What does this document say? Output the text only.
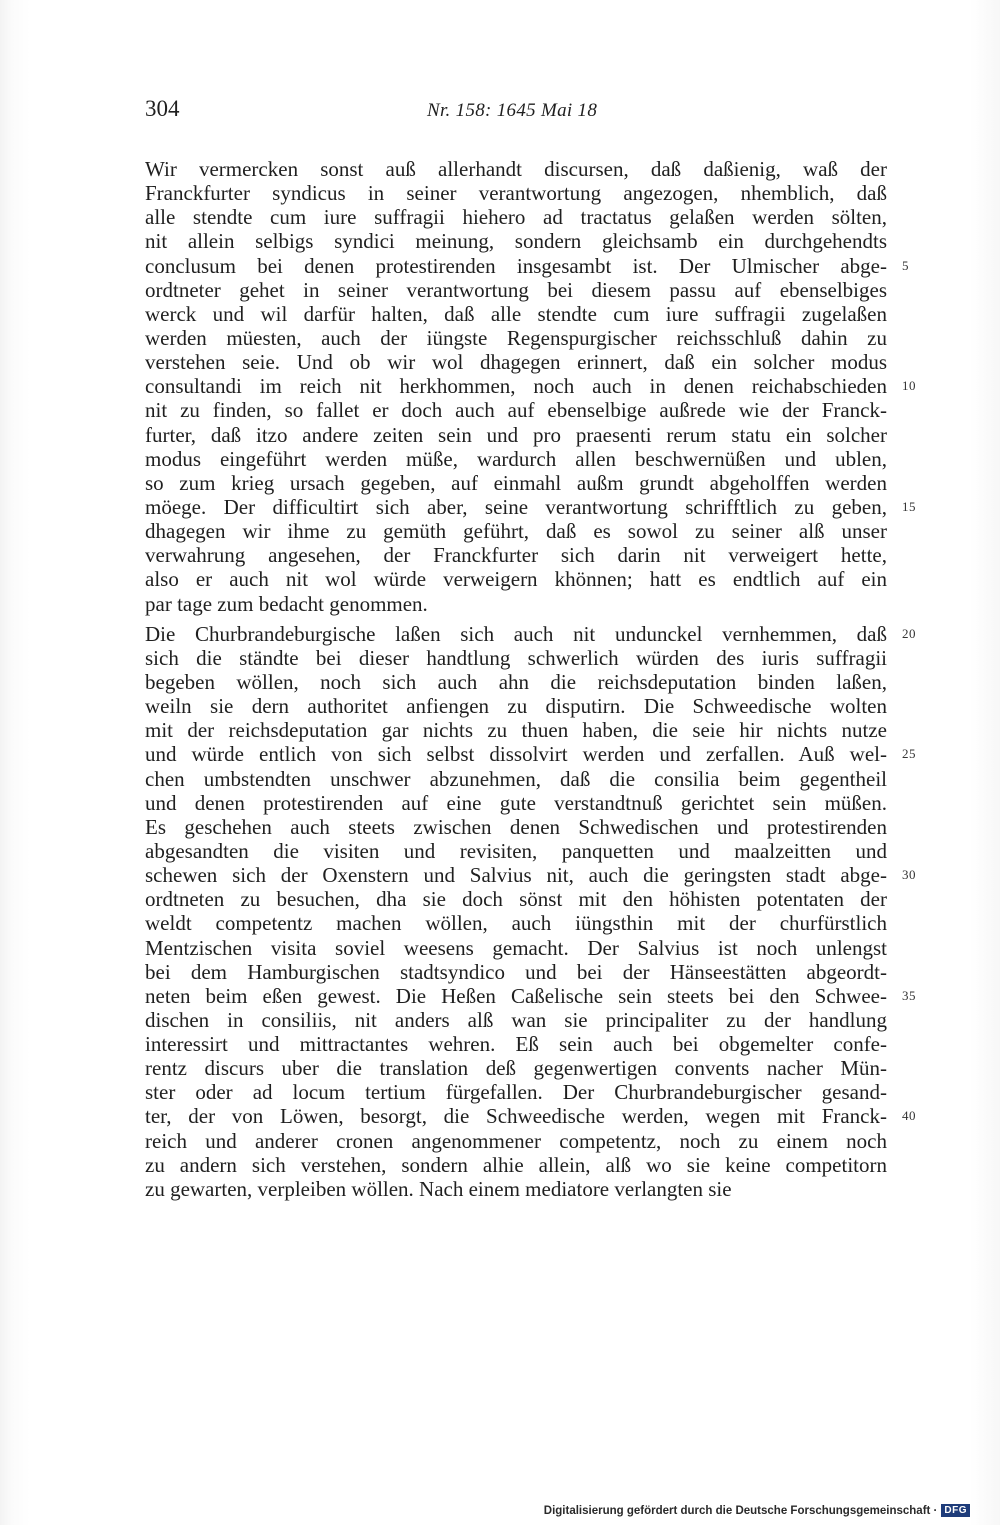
304	Nr. 158: 1645 Mai 18
Wir vermercken sonst auß allerhandt discursen, daß daßienig, waß der
Franckfurter syndicus in seiner verantwortung angezogen, nhemblich, daß
alle stendte cum iure suffragii hiehero ad tractatus gelaßen werden sölten,
nit allein selbigs syndici meinung, sondern gleichsamb ein durchgehendts
conclusum bei denen protestirenden insgesambt ist. Der Ulmischer abge- 5
ordtneter gehet in seiner verantwortung bei diesem passu auf ebenselbiges
werck und wil darfür halten, daß alle stendte cum iure suffragii zugelaßen
werden müesten, auch der iüngste Regenspurgischer reichsschluß dahin zu
verstehen seie. Und ob wir wol dhagegen erinnert, daß ein solcher modus
consultandi im reich nit herkhommen, noch auch in denen reichabschieden 10
nit zu finden, so fallet er doch auch auf ebenselbige außrede wie der Franck-
furter, daß itzo andere zeiten sein und pro praesenti rerum statu ein solcher
modus eingeführt werden müße, wardurch allen beschwernüßen und ublen,
so zum krieg ursach gegeben, auf einmahl außm grundt abgeholffen werden
möege. Der difficultirt sich aber, seine verantwortung schrifftlich zu geben, 15
dhagegen wir ihme zu gemüth geführt, daß es sowol zu seiner alß unser
verwahrung angesehen, der Franckfurter sich darin nit verweigert hette,
also er auch nit wol würde verweigern khönnen; hatt es endtlich auf ein
par tage zum bedacht genommen.
Die Churbrandeburgische laßen sich auch nit undunckel vernhemmen, daß 20
sich die ständte bei dieser handtlung schwerlich würden des iuris suffragii
begeben wöllen, noch sich auch ahn die reichsdeputation binden laßen,
weiln sie dern authoritet anfiengen zu disputirn. Die Schweedische wolten
mit der reichsdeputation gar nichts zu thuen haben, die seie hir nichts nutze
und würde entlich von sich selbst dissolvirt werden und zerfallen. Auß wel- 25
chen umbstendten unschwer abzunehmen, daß die consilia beim gegentheil
und denen protestirenden auf eine gute verstandtnuß gerichtet sein müßen.
Es geschehen auch steets zwischen denen Schwedischen und protestirenden
abgesandten die visiten und revisiten, panquetten und maalzeitten und
schewen sich der Oxenstern und Salvius nit, auch die geringsten stadt abge- 30
ordtneten zu besuchen, dha sie doch sönst mit den höhisten potentaten der
weldt competentz machen wöllen, auch iüngsthin mit der churfürstlich
Mentzischen visita soviel weesens gemacht. Der Salvius ist noch unlengst
bei dem Hamburgischen stadtsyndico und bei der Hänseestätten abgeordt-
neten beim eßen gewest. Die Heßen Caßelische sein steets bei den Schwee- 35
dischen in consiliis, nit anders alß wan sie principaliter zu der handlung
interessirt und mittractantes wehren. Eß sein auch bei obgemelter confe-
rentz discurs uber die translation deß gegenwertigen convents nacher Mün-
ster oder ad locum tertium fürgefallen. Der Churbrandeburgischer gesand-
ter, der von Löwen, besorgt, die Schweedische werden, wegen mit Franck- 40
reich und anderer cronen angenommener competentz, noch zu einem noch
zu andern sich verstehen, sondern alhie allein, alß wo sie keine competitorn
zu gewarten, verpleiben wöllen. Nach einem mediatore verlangten sie
Digitalisierung gefördert durch die Deutsche Forschungsgemeinschaft · DFG
